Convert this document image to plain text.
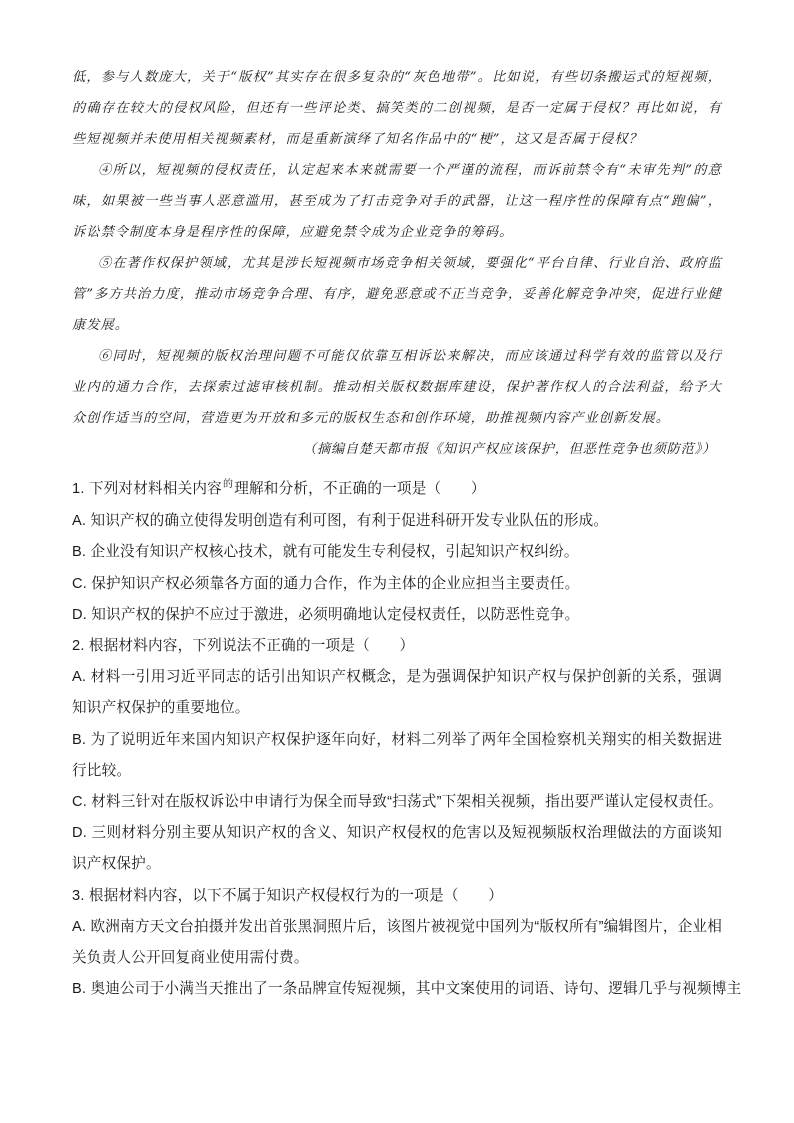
低，参与人数庞大，关于“版权”其实存在很多复杂的“灰色地带”。比如说，有些切条搬运式的短视频，的确存在较大的侵权风险，但还有一些评论类、搞笑类的二创视频，是否一定属于侵权？再比如说，有些短视频并未使用相关视频素材，而是重新演绎了知名作品中的“梗”，这又是否属于侵权？

④所以，短视频的侵权责任，认定起来本来就需要一个严谨的流程，而诉前禁令有“未审先判”的意味，如果被一些当事人恶意滥用，甚至成为了打击竞争对手的武器，让这一程序性的保障有点“跑偏”，诉讼禁令制度本身是程序性的保障，应避免禁令成为企业竞争的筹码。

⑤在著作权保护领域，尤其是涉长短视频市场竞争相关领域，要强化“平台自律、行业自治、政府监管”多方共治力度，推动市场竞争合理、有序，避免恶意或不正当竞争，妥善化解竞争冲突，促进行业健康发展。

⑥同时，短视频的版权治理问题不可能仅依靠互相诉讼来解决，而应该通过科学有效的监管以及行业内的通力合作，去探索过滤审核机制。推动相关版权数据库建设，保护著作权人的合法利益，给予大众创作适当的空间，营造更为开放和多元的版权生态和创作环境，助推视频内容产业创新发展。

（摘编自楚天都市报《知识产权应该保护，但恶性竞争也须防范》）

1. 下列对材料相关内容$^的$理解和分析，不正确的一项是（　　）

A. 知识产权的确立使得发明创造有利可图，有利于促进科研开发专业队伍的形成。

B. 企业没有知识产权核心技术，就有可能发生专利侵权，引起知识产权纠纷。

C. 保护知识产权必须靠各方面的通力合作，作为主体的企业应担当主要责任。

D. 知识产权的保护不应过于激进，必须明确地认定侵权责任，以防恶性竞争。

2. 根据材料内容，下列说法不正确的一项是（　　）

A. 材料一引用习近平同志的话引出知识产权概念，是为强调保护知识产权与保护创新的关系，强调知识产权保护的重要地位。

B. 为了说明近年来国内知识产权保护逐年向好，材料二列举了两年全国检察机关翔实的相关数据进行比较。

C. 材料三针对在版权诉讼中申请行为保全而导致“扫荡式”下架相关视频，指出要严谨认定侵权责任。

D. 三则材料分别主要从知识产权的含义、知识产权侵权的危害以及短视频版权治理做法的方面谈知识产权保护。

3. 根据材料内容，以下不属于知识产权侵权行为的一项是（　　）

A. 欧洲南方天文台拍摄并发出首张黑洞照片后，该图片被视觉中国列为“版权所有”编辑图片，企业相关负责人公开回复商业使用需付费。

B. 奥迪公司于小满当天推出了一条品牌宣传短视频，其中文案使用的词语、诗句、逻辑几乎与视频博主
